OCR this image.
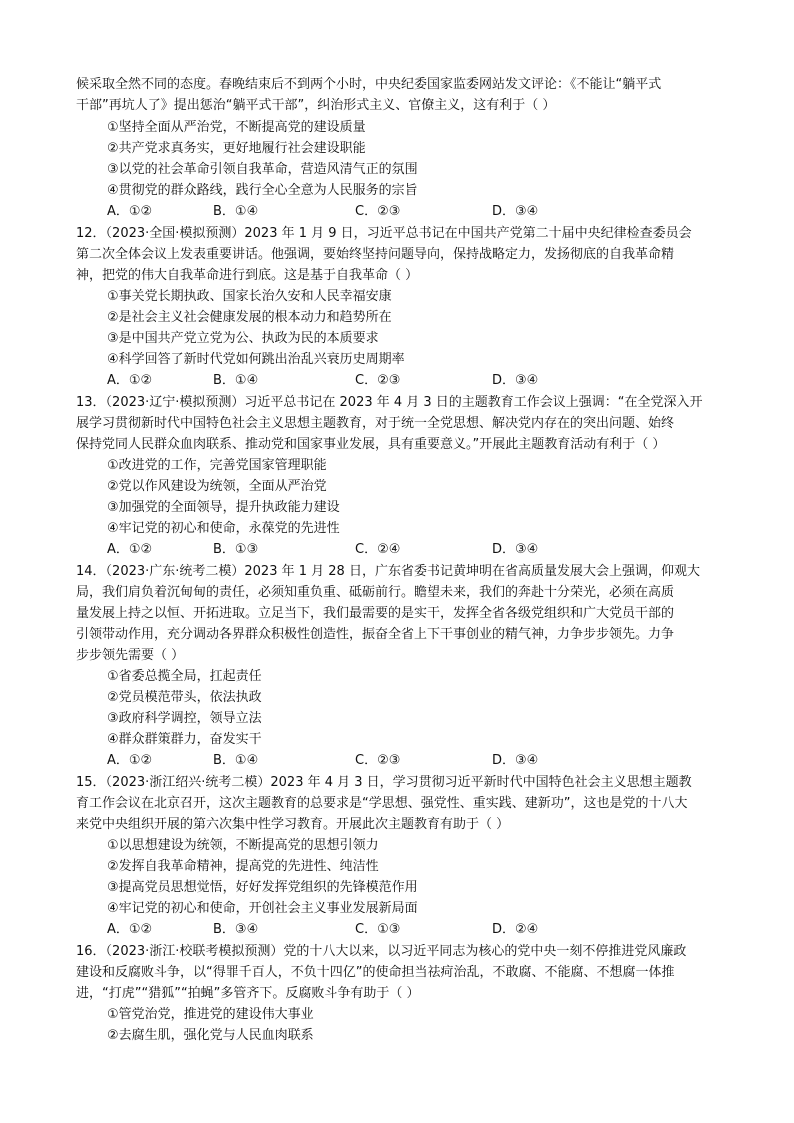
候采取全然不同的态度。春晚结束后不到两个小时，中央纪委国家监委网站发文评论：《不能让“躺平式
干部”再坑人了》提出惩治“躺平式干部”，纠治形式主义、官僚主义，这有利于（ ）
①坚持全面从严治党，不断提高党的建设质量
②共产党求真务实，更好地履行社会建设职能
③以党的社会革命引领自我革命，营造风清气正的氛围
④贯彻党的群众路线，践行全心全意为人民服务的宗旨
A．①②	B．①④	C．②③	D．③④
12．（2023·全国·模拟预测）2023 年 1 月 9 日，习近平总书记在中国共产党第二十届中央纪律检查委员会
第二次全体会议上发表重要讲话。他强调，要始终坚持问题导向，保持战略定力，发扬彻底的自我革命精
神，把党的伟大自我革命进行到底。这是基于自我革命（ ）
①事关党长期执政、国家长治久安和人民幸福安康
②是社会主义社会健康发展的根本动力和趋势所在
③是中国共产党立党为公、执政为民的本质要求
④科学回答了新时代党如何跳出治乱兴衰历史周期率
A．①②	B．①④	C．②③	D．③④
13．（2023·辽宁·模拟预测）习近平总书记在 2023 年 4 月 3 日的主题教育工作会议上强调：“在全党深入开
展学习贯彻新时代中国特色社会主义思想主题教育，对于统一全党思想、解决党内存在的突出问题、始终
保持党同人民群众血肉联系、推动党和国家事业发展，具有重要意义。”开展此主题教育活动有利于（ ）
①改进党的工作，完善党国家管理职能
②党以作风建设为统领，全面从严治党
③加强党的全面领导，提升执政能力建设
④牢记党的初心和使命，永葆党的先进性
A．①②	B．①③	C．②④	D．③④
14．（2023·广东·统考二模）2023 年 1 月 28 日，广东省委书记黄坤明在省高质量发展大会上强调，仰观大
局，我们肩负着沉甸甸的责任，必须知重负重、砥砺前行。瞻望未来，我们的奔赴十分荣光，必须在高质
量发展上持之以恒、开拓进取。立足当下，我们最需要的是实干，发挥全省各级党组织和广大党员干部的
引领带动作用，充分调动各界群众积极性创造性，振奋全省上下干事创业的精气神，力争步步领先。力争
步步领先需要（ ）
①省委总揽全局，扛起责任
②党员模范带头，依法执政
③政府科学调控，领导立法
④群众群策群力，奋发实干
A．①②	B．①④	C．②③	D．③④
15．（2023·浙江绍兴·统考二模）2023 年 4 月 3 日，学习贯彻习近平新时代中国特色社会主义思想主题教
育工作会议在北京召开，这次主题教育的总要求是“学思想、强党性、重实践、建新功”，这也是党的十八大
来党中央组织开展的第六次集中性学习教育。开展此次主题教育有助于（ ）
①以思想建设为统领，不断提高党的思想引领力
②发挥自我革命精神，提高党的先进性、纯洁性
③提高党员思想觉悟，好好发挥党组织的先锋模范作用
④牢记党的初心和使命，开创社会主义事业发展新局面
A．①②	B．③④	C．①③	D．②④
16．（2023·浙江·校联考模拟预测）党的十八大以来，以习近平同志为核心的党中央一刻不停推进党风廉政
建设和反腐败斗争，以“得罪千百人，不负十四亿”的使命担当祛疴治乱，不敢腐、不能腐、不想腐一体推
进，“打虎”“猎狐”“拍蝇”多管齐下。反腐败斗争有助于（ ）
①管党治党，推进党的建设伟大事业
②去腐生肌，强化党与人民血肉联系
